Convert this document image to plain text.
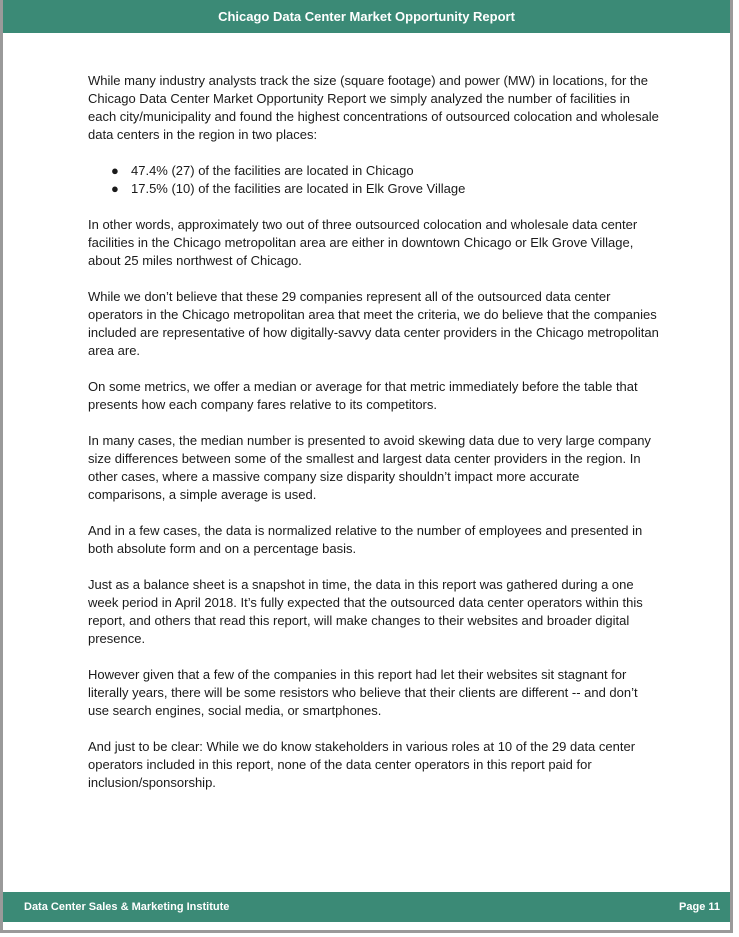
Chicago Data Center Market Opportunity Report

While many industry analysts track the size (square footage) and power (MW) in locations, for the Chicago Data Center Market Opportunity Report we simply analyzed the number of facilities in each city/municipality and found the highest concentrations of outsourced colocation and wholesale data centers in the region in two places:

● 47.4% (27) of the facilities are located in Chicago
● 17.5% (10) of the facilities are located in Elk Grove Village

In other words, approximately two out of three outsourced colocation and wholesale data center facilities in the Chicago metropolitan area are either in downtown Chicago or Elk Grove Village, about 25 miles northwest of Chicago.

While we don’t believe that these 29 companies represent all of the outsourced data center operators in the Chicago metropolitan area that meet the criteria, we do believe that the companies included are representative of how digitally-savvy data center providers in the Chicago metropolitan area are.

On some metrics, we offer a median or average for that metric immediately before the table that presents how each company fares relative to its competitors.

In many cases, the median number is presented to avoid skewing data due to very large company size differences between some of the smallest and largest data center providers in the region. In other cases, where a massive company size disparity shouldn’t impact more accurate comparisons, a simple average is used.

And in a few cases, the data is normalized relative to the number of employees and presented in both absolute form and on a percentage basis.

Just as a balance sheet is a snapshot in time, the data in this report was gathered during a one week period in April 2018. It’s fully expected that the outsourced data center operators within this report, and others that read this report, will make changes to their websites and broader digital presence.

However given that a few of the companies in this report had let their websites sit stagnant for literally years, there will be some resistors who believe that their clients are different -- and don’t use search engines, social media, or smartphones.

And just to be clear: While we do know stakeholders in various roles at 10 of the 29 data center operators included in this report, none of the data center operators in this report paid for inclusion/sponsorship.

Data Center Sales & Marketing Institute	Page 11
